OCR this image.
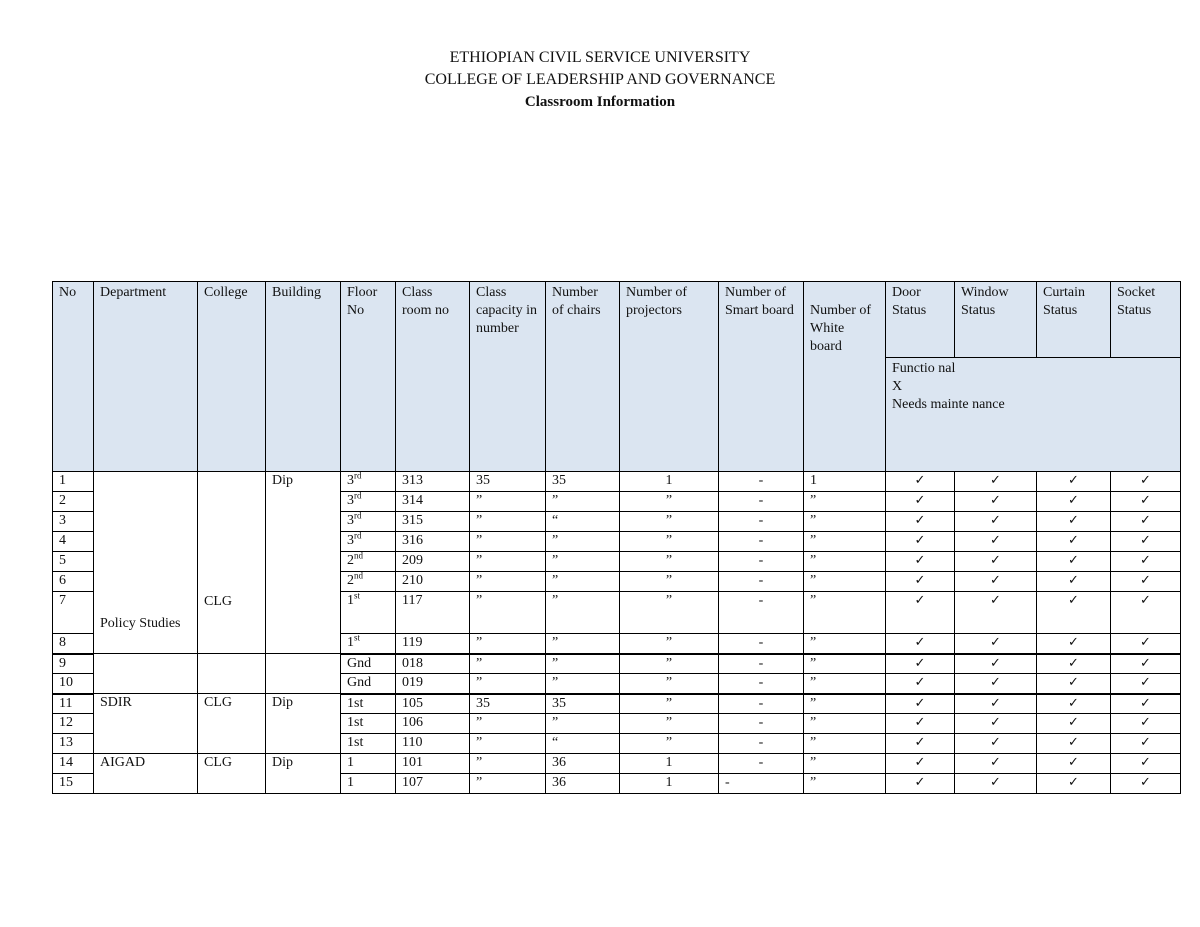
ETHIOPIAN CIVIL SERVICE UNIVERSITY
COLLEGE OF LEADERSHIP AND GOVERNANCE
Classroom Information
No	Department	College	Building	Floor No	Class room no	Class capacity in number	Number of chairs	Number of projectors	Number of Smart board	Number of White board	Door Status	Window Status	Curtain Status	Socket Status

											Functio nal
X
Needs mainte nance			

1	Policy Studies	CLG	Dip	3rd	313	35	35	1	-	1	✓	✓	✓	✓
2				3rd	314	”	”	”	-	”	✓	✓	✓	✓
3				3rd	315	”	“	”	-	”	✓	✓	✓	✓
4				3rd	316	”	”	”	-	”	✓	✓	✓	✓
5				2nd	209	”	”	”	-	”	✓	✓	✓	✓
6				2nd	210	”	”	”	-	”	✓	✓	✓	✓
7				1st	117	”	”	”	-	”	✓	✓	✓	✓
8				1st	119	”	”	”	-	”	✓	✓	✓	✓
9				Gnd	018	”	”	”	-	”	✓	✓	✓	✓
10				Gnd	019	”	”	”	-	”	✓	✓	✓	✓
11	SDIR	CLG	Dip	1st	105	35	35	”	-	”	✓	✓	✓	✓
12				1st	106	”	”	”	-	”	✓	✓	✓	✓
13				1st	110	”	“	”	-	”	✓	✓	✓	✓
14	AIGAD	CLG	Dip	1	101	”	36	1	-	”	✓	✓	✓	✓
15				1	107	”	36	1	-	”	✓	✓	✓	✓
